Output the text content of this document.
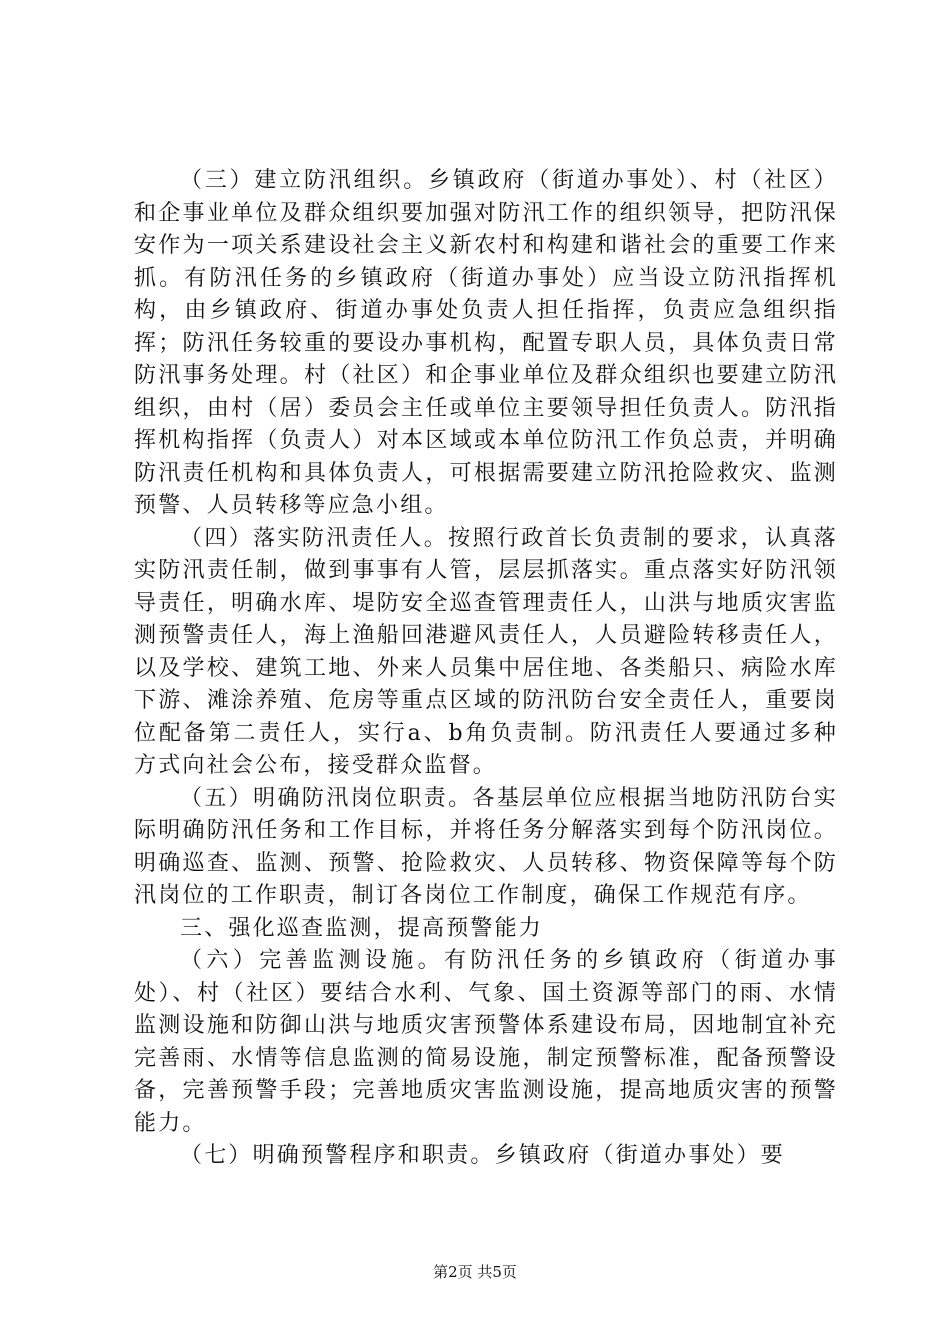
（三）建立防汛组织。乡镇政府（街道办事处）、村（社区）和企事业单位及群众组织要加强对防汛工作的组织领导，把防汛保安作为一项关系建设社会主义新农村和构建和谐社会的重要工作来抓。有防汛任务的乡镇政府（街道办事处）应当设立防汛指挥机构，由乡镇政府、街道办事处负责人担任指挥，负责应急组织指挥；防汛任务较重的要设办事机构，配置专职人员，具体负责日常防汛事务处理。村（社区）和企事业单位及群众组织也要建立防汛组织，由村（居）委员会主任或单位主要领导担任负责人。防汛指挥机构指挥（负责人）对本区域或本单位防汛工作负总责，并明确防汛责任机构和具体负责人，可根据需要建立防汛抢险救灾、监测预警、人员转移等应急小组。

（四）落实防汛责任人。按照行政首长负责制的要求，认真落实防汛责任制，做到事事有人管，层层抓落实。重点落实好防汛领导责任，明确水库、堤防安全巡查管理责任人，山洪与地质灾害监测预警责任人，海上渔船回港避风责任人，人员避险转移责任人，以及学校、建筑工地、外来人员集中居住地、各类船只、病险水库下游、滩涂养殖、危房等重点区域的防汛防台安全责任人，重要岗位配备第二责任人，实行a、b角负责制。防汛责任人要通过多种方式向社会公布，接受群众监督。

（五）明确防汛岗位职责。各基层单位应根据当地防汛防台实际明确防汛任务和工作目标，并将任务分解落实到每个防汛岗位。明确巡查、监测、预警、抢险救灾、人员转移、物资保障等每个防汛岗位的工作职责，制订各岗位工作制度，确保工作规范有序。

三、强化巡查监测，提高预警能力

（六）完善监测设施。有防汛任务的乡镇政府（街道办事处）、村（社区）要结合水利、气象、国土资源等部门的雨、水情监测设施和防御山洪与地质灾害预警体系建设布局，因地制宜补充完善雨、水情等信息监测的简易设施，制定预警标准，配备预警设备，完善预警手段；完善地质灾害监测设施，提高地质灾害的预警能力。

（七）明确预警程序和职责。乡镇政府（街道办事处）要

第2页 共5页
